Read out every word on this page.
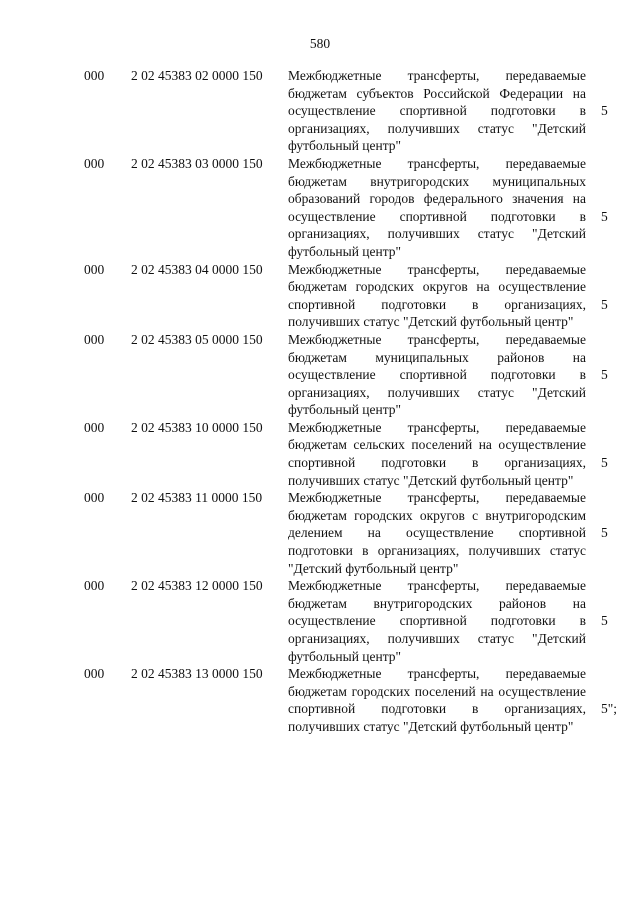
580
000 2 02 45383 02 0000 150 Межбюджетные трансферты, передаваемые бюджетам субъектов Российской Федерации на осуществление спортивной подготовки в организациях, получивших статус "Детский футбольный центр"
5
000 2 02 45383 03 0000 150 Межбюджетные трансферты, передаваемые бюджетам внутригородских муниципальных образований городов федерального значения на осуществление спортивной подготовки в организациях, получивших статус "Детский футбольный центр"
5
000 2 02 45383 04 0000 150 Межбюджетные трансферты, передаваемые бюджетам городских округов на осуществление спортивной подготовки в организациях, получивших статус "Детский футбольный центр"
5
000 2 02 45383 05 0000 150 Межбюджетные трансферты, передаваемые бюджетам муниципальных районов на осуществление спортивной подготовки в организациях, получивших статус "Детский футбольный центр"
5
000 2 02 45383 10 0000 150 Межбюджетные трансферты, передаваемые бюджетам сельских поселений на осуществление спортивной подготовки в организациях, получивших статус "Детский футбольный центр"
5
000 2 02 45383 11 0000 150 Межбюджетные трансферты, передаваемые бюджетам городских округов с внутригородским делением на осуществление спортивной подготовки в организациях, получивших статус "Детский футбольный центр"
5
000 2 02 45383 12 0000 150 Межбюджетные трансферты, передаваемые бюджетам внутригородских районов на осуществление спортивной подготовки в организациях, получивших статус "Детский футбольный центр"
5
000 2 02 45383 13 0000 150 Межбюджетные трансферты, передаваемые бюджетам городских поселений на осуществление спортивной подготовки в организациях, получивших статус "Детский футбольный центр"
5";
